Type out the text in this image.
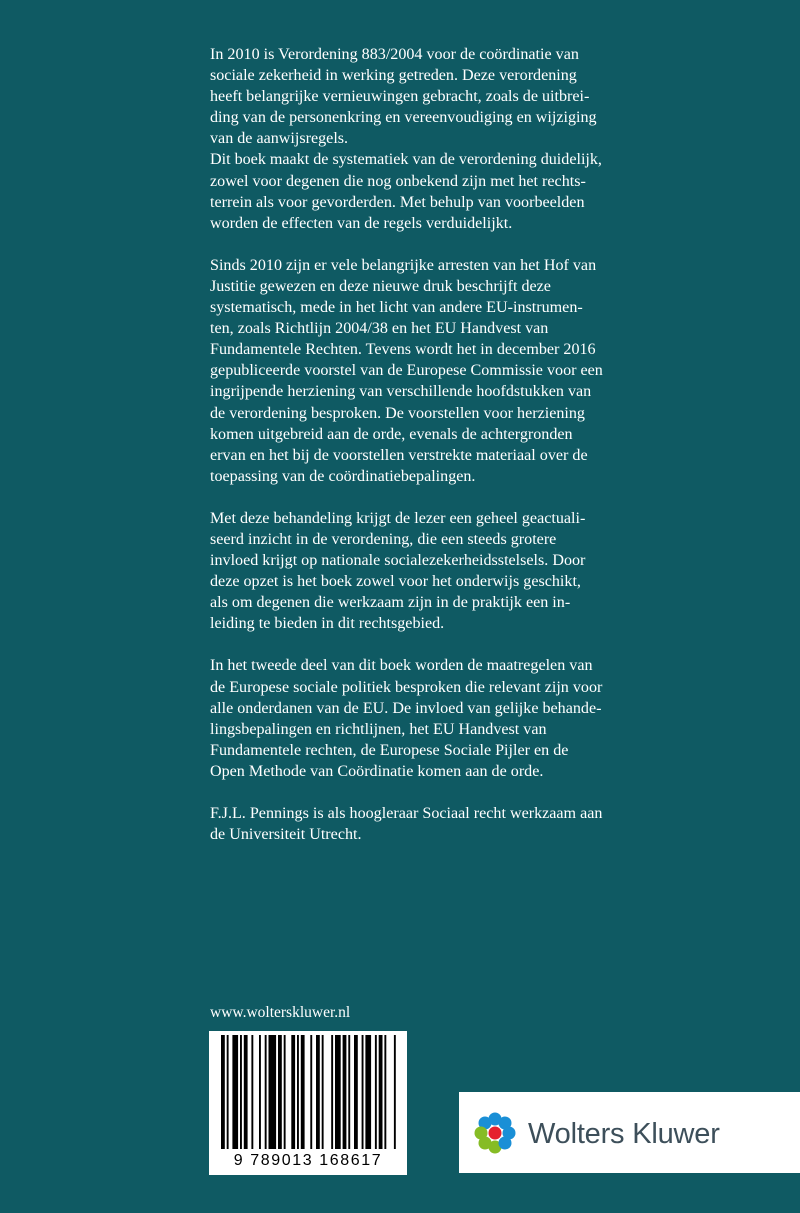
In 2010 is Verordening 883/2004 voor de coördinatie van
sociale zekerheid in werking getreden. Deze verordening
heeft belangrijke vernieuwingen gebracht, zoals de uitbrei-
ding van de personenkring en vereenvoudiging en wijziging
van de aanwijsregels.

Dit boek maakt de systematiek van de verordening duidelijk,
zowel voor degenen die nog onbekend zijn met het rechts-
terrein als voor gevorderden. Met behulp van voorbeelden
worden de effecten van de regels verduidelijkt.

Sinds 2010 zijn er vele belangrijke arresten van het Hof van
Justitie gewezen en deze nieuwe druk beschrijft deze
systematisch, mede in het licht van andere EU-instrumen-
ten, zoals Richtlijn 2004/38 en het EU Handvest van
Fundamentele Rechten. Tevens wordt het in december 2016
gepubliceerde voorstel van de Europese Commissie voor een
ingrijpende herziening van verschillende hoofdstukken van
de verordening besproken. De voorstellen voor herziening
komen uitgebreid aan de orde, evenals de achtergronden
ervan en het bij de voorstellen verstrekte materiaal over de
toepassing van de coördinatiebepalingen.

Met deze behandeling krijgt de lezer een geheel geactuali-
seerd inzicht in de verordening, die een steeds grotere
invloed krijgt op nationale socialezekerheidsstelsels. Door
deze opzet is het boek zowel voor het onderwijs geschikt,
als om degenen die werkzaam zijn in de praktijk een in-
leiding te bieden in dit rechtsgebied.

In het tweede deel van dit boek worden de maatregelen van
de Europese sociale politiek besproken die relevant zijn voor
alle onderdanen van de EU. De invloed van gelijke behande-
lingsbepalingen en richtlijnen, het EU Handvest van
Fundamentele rechten, de Europese Sociale Pijler en de
Open Methode van Coördinatie komen aan de orde.

F.J.L. Pennings is als hoogleraar Sociaal recht werkzaam aan
de Universiteit Utrecht.

www.wolterskluwer.nl
9 789013 168617
Wolters Kluwer
